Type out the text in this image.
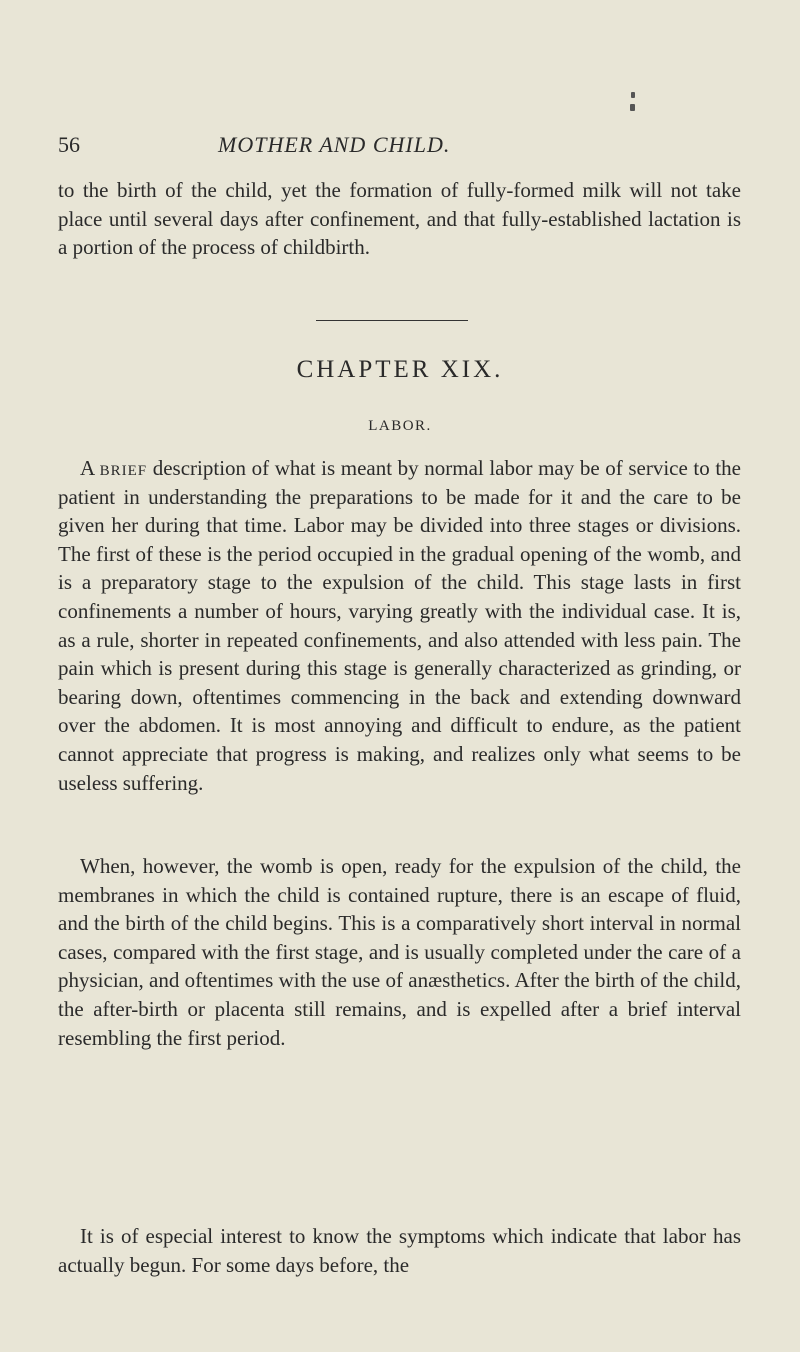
56	MOTHER AND CHILD.

to the birth of the child, yet the formation of fully-formed milk will not take place until several days after confinement, and that fully-established lactation is a portion of the process of childbirth.

CHAPTER XIX.
LABOR.

A brief description of what is meant by normal labor may be of service to the patient in understanding the preparations to be made for it and the care to be given her during that time. Labor may be divided into three stages or divisions. The first of these is the period occupied in the gradual opening of the womb, and is a preparatory stage to the expulsion of the child. This stage lasts in first confinements a number of hours, varying greatly with the individual case. It is, as a rule, shorter in repeated confinements, and also attended with less pain. The pain which is present during this stage is generally characterized as grinding, or bearing down, oftentimes commencing in the back and extending downward over the abdomen. It is most annoying and difficult to endure, as the patient cannot appreciate that progress is making, and realizes only what seems to be useless suffering.

When, however, the womb is open, ready for the expulsion of the child, the membranes in which the child is contained rupture, there is an escape of fluid, and the birth of the child begins. This is a comparatively short interval in normal cases, compared with the first stage, and is usually completed under the care of a physician, and oftentimes with the use of anæsthetics. After the birth of the child, the after-birth or placenta still remains, and is expelled after a brief interval resembling the first period.

It is of especial interest to know the symptoms which indicate that labor has actually begun. For some days before, the
